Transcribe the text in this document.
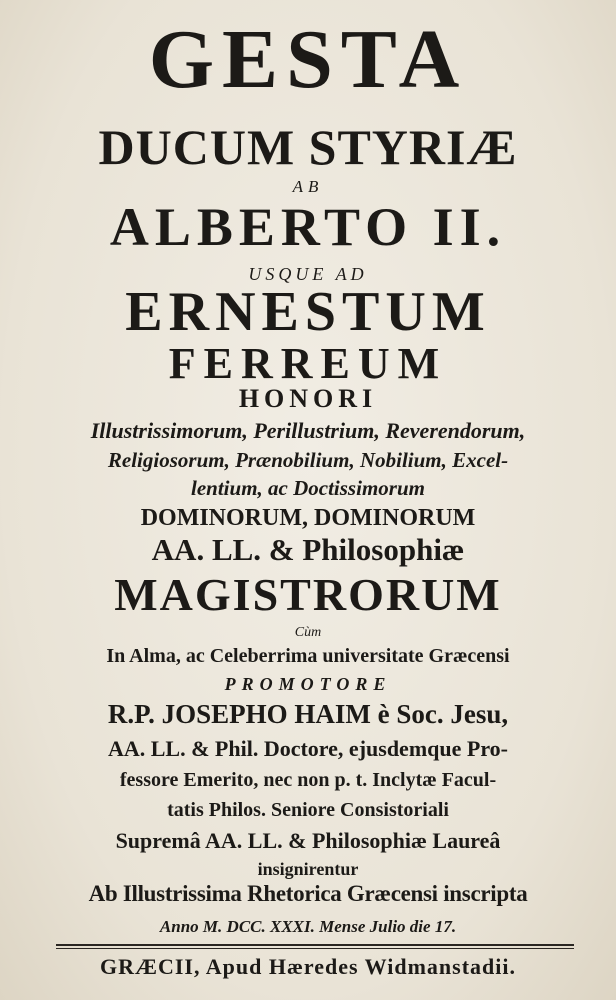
GESTA
DUCUM STYRIÆ
AB
ALBERTO II.
USQUE AD
ERNESTUM
FERREUM
HONORI
Illustrissimorum, Perillustrium, Reverendorum,
Religiosorum, Prænobilium, Nobilium, Excel-
lentium, ac Doctissimorum
DOMINORUM, DOMINORUM
AA. LL. & Philosophiæ
MAGISTRORUM
Cùm
In Alma, ac Celeberrima universitate Græcensi
PROMOTORE
R.P. JOSEPHO HAIM è Soc. Jesu,
AA. LL. & Phil. Doctore, ejusdemque Pro-
fessore Emerito, nec non p. t. Inclytæ Facul-
tatis Philos. Seniore Consistoriali
Supremâ AA. LL. & Philosophiæ Laureâ
insignirentur
Ab Illustrissima Rhetorica Græcensi inscripta
Anno M. DCC. XXXI. Mense Julio die 17.
GRÆCII, Apud Hæredes Widmanstadii.
